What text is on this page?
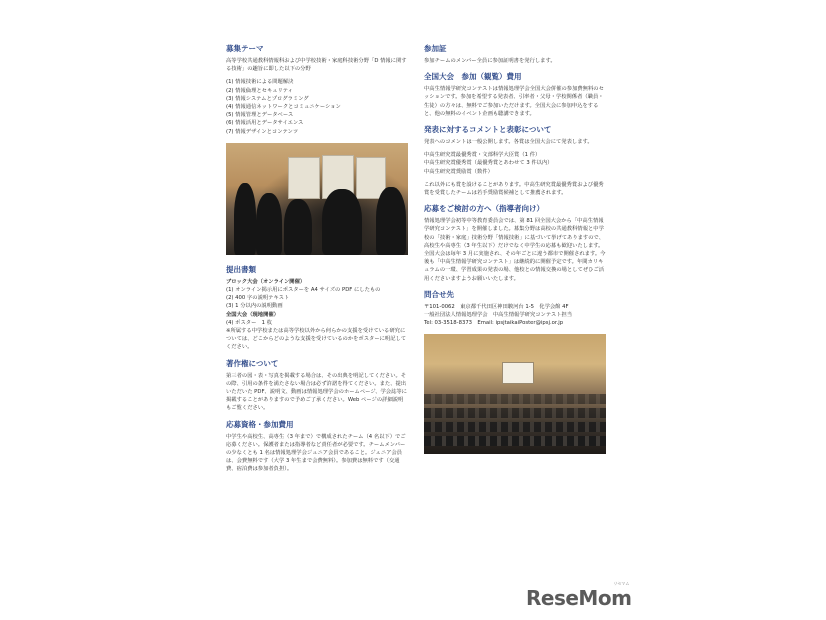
募集テーマ

高等学校共通教科情報科および中学校技術・家庭科技術分野「D 情報に関する技術」の趣旨に即した以下の分野

(1) 情報技術による問題解決

(2) 情報倫理とセキュリティ

(3) 情報システムとプログラミング

(4) 情報通信ネットワークとコミュニケーション

(5) 情報管理とデータベース

(6) 情報活用とデータサイエンス

(7) 情報デザインとコンテンツ

提出書類

ブロック大会（オンライン開催）

(1) オンライン掲示用にポスターを A4 サイズの PDF にしたもの

(2) 400 字の説明テキスト

(3) 1 分以内の説明動画

全国大会（現地開催）

(4) ポスター　1 枚

※所属する中学校または高等学校以外から何らかの支援を受けている研究については、どこからどのような支援を受けているのかをポスターに明記してください。

著作権について

第三者の図・表・写真を掲載する場合は、その出典を明記してください。その際、引用の条件を満たさない場合は必ず許諾を得てください。また、提出いただいた PDF、説明文、動画は情報処理学会のホームページ、学会誌等に掲載することがありますので予めご了承ください。Web ページの詳細説明もご覧ください。

応募資格・参加費用

中学生や高校生、高専生（3 年まで）で構成されたチーム（4 名以下）でご応募ください。保護者または指導者など責任者が必要です。チームメンバーの少なくとも 1 名は情報処理学会ジュニア会員であること。ジュニア会員は、会費無料です（大学 3 年生まで会費無料）。参加費は無料です（交通費、宿泊費は参加者負担）。

参加証

参加チームのメンバー全員に参加証明書を発行します。

全国大会　参加（観覧）費用

中高生情報学研究コンテストは情報処理学会全国大会併催の参加費無料のセッションです。参加を希望する発表者、引率者・父母・学校関係者（職員・生徒）の方々は、無料でご参加いただけます。全国大会に参加申込をすると、他の無料のイベント企画も聴講できます。

発表に対するコメントと表彰について

発表へのコメントは一般公開します。各賞は全国大会にて発表します。

中高生研究賞最優秀賞・文部科学大臣賞（1 件）

中高生研究賞優秀賞（最優秀賞とあわせて 3 件以内）

中高生研究賞奨励賞（数件）

これ以外にも賞を設けることがあります。中高生研究賞最優秀賞および優秀賞を受賞したチームは若手奨励賞候補として推薦されます。

応募をご検討の方へ（指導者向け）

情報処理学会初等中等教育委員会では、第 81 回全国大会から「中高生情報学研究コンテスト」を開催しました。募集分野は高校の共通教科情報と中学校の「技術・家庭」技術分野「情報技術」に基づいて挙げてありますので、高校生や高専生（3 年生以下）だけでなく中学生の応募も歓迎いたします。全国大会は毎年 3 月に実施され、その年ごとに違う都市で開催されます。今後も「中高生情報学研究コンテスト」は継続的に開催予定です。年間カリキュラムの一環、学習成果の発表の場、他校との情報交換の場としてぜひご活用くださいますようお願いいたします。

問合せ先

〒101-0062　東京都千代田区神田駿河台 1-5　化学会館 4F

一般社団法人情報処理学会　中高生情報学研究コンテスト担当

Tel: 03-3518-8373　Email: ipsjtaikaiPoster@ipsj.or.jp

ReseMom
リセマム
